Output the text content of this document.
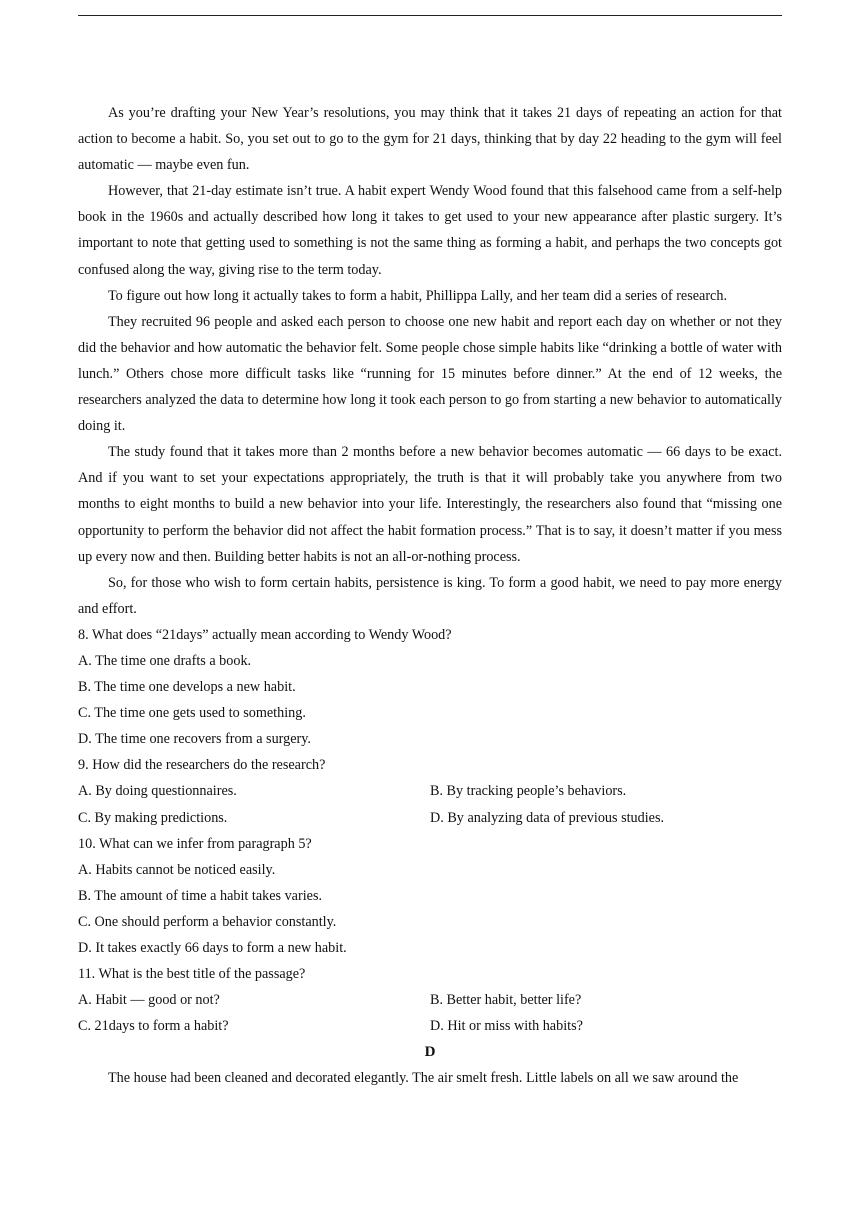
As you’re drafting your New Year’s resolutions, you may think that it takes 21 days of repeating an action for that action to become a habit. So, you set out to go to the gym for 21 days, thinking that by day 22 heading to the gym will feel automatic — maybe even fun.

However, that 21-day estimate isn’t true. A habit expert Wendy Wood found that this falsehood came from a self-help book in the 1960s and actually described how long it takes to get used to your new appearance after plastic surgery. It’s important to note that getting used to something is not the same thing as forming a habit, and perhaps the two concepts got confused along the way, giving rise to the term today.

To figure out how long it actually takes to form a habit, Phillippa Lally, and her team did a series of research.

They recruited 96 people and asked each person to choose one new habit and report each day on whether or not they did the behavior and how automatic the behavior felt. Some people chose simple habits like “drinking a bottle of water with lunch.” Others chose more difficult tasks like “running for 15 minutes before dinner.” At the end of 12 weeks, the researchers analyzed the data to determine how long it took each person to go from starting a new behavior to automatically doing it.

The study found that it takes more than 2 months before a new behavior becomes automatic — 66 days to be exact. And if you want to set your expectations appropriately, the truth is that it will probably take you anywhere from two months to eight months to build a new behavior into your life. Interestingly, the researchers also found that “missing one opportunity to perform the behavior did not affect the habit formation process.” That is to say, it doesn’t matter if you mess up every now and then. Building better habits is not an all-or-nothing process.

So, for those who wish to form certain habits, persistence is king. To form a good habit, we need to pay more energy and effort.

8. What does “21days” actually mean according to Wendy Wood?

A. The time one drafts a book.

B. The time one develops a new habit.

C. The time one gets used to something.

D. The time one recovers from a surgery.

9. How did the researchers do the research?

A. By doing questionnaires.	B. By tracking people’s behaviors.
C. By making predictions.	D. By analyzing data of previous studies.

10. What can we infer from paragraph 5?

A. Habits cannot be noticed easily.

B. The amount of time a habit takes varies.

C. One should perform a behavior constantly.

D. It takes exactly 66 days to form a new habit.

11. What is the best title of the passage?

A. Habit — good or not?	B. Better habit, better life?
C. 21days to form a habit?	D. Hit or miss with habits?

D

The house had been cleaned and decorated elegantly. The air smelt fresh. Little labels on all we saw around the
